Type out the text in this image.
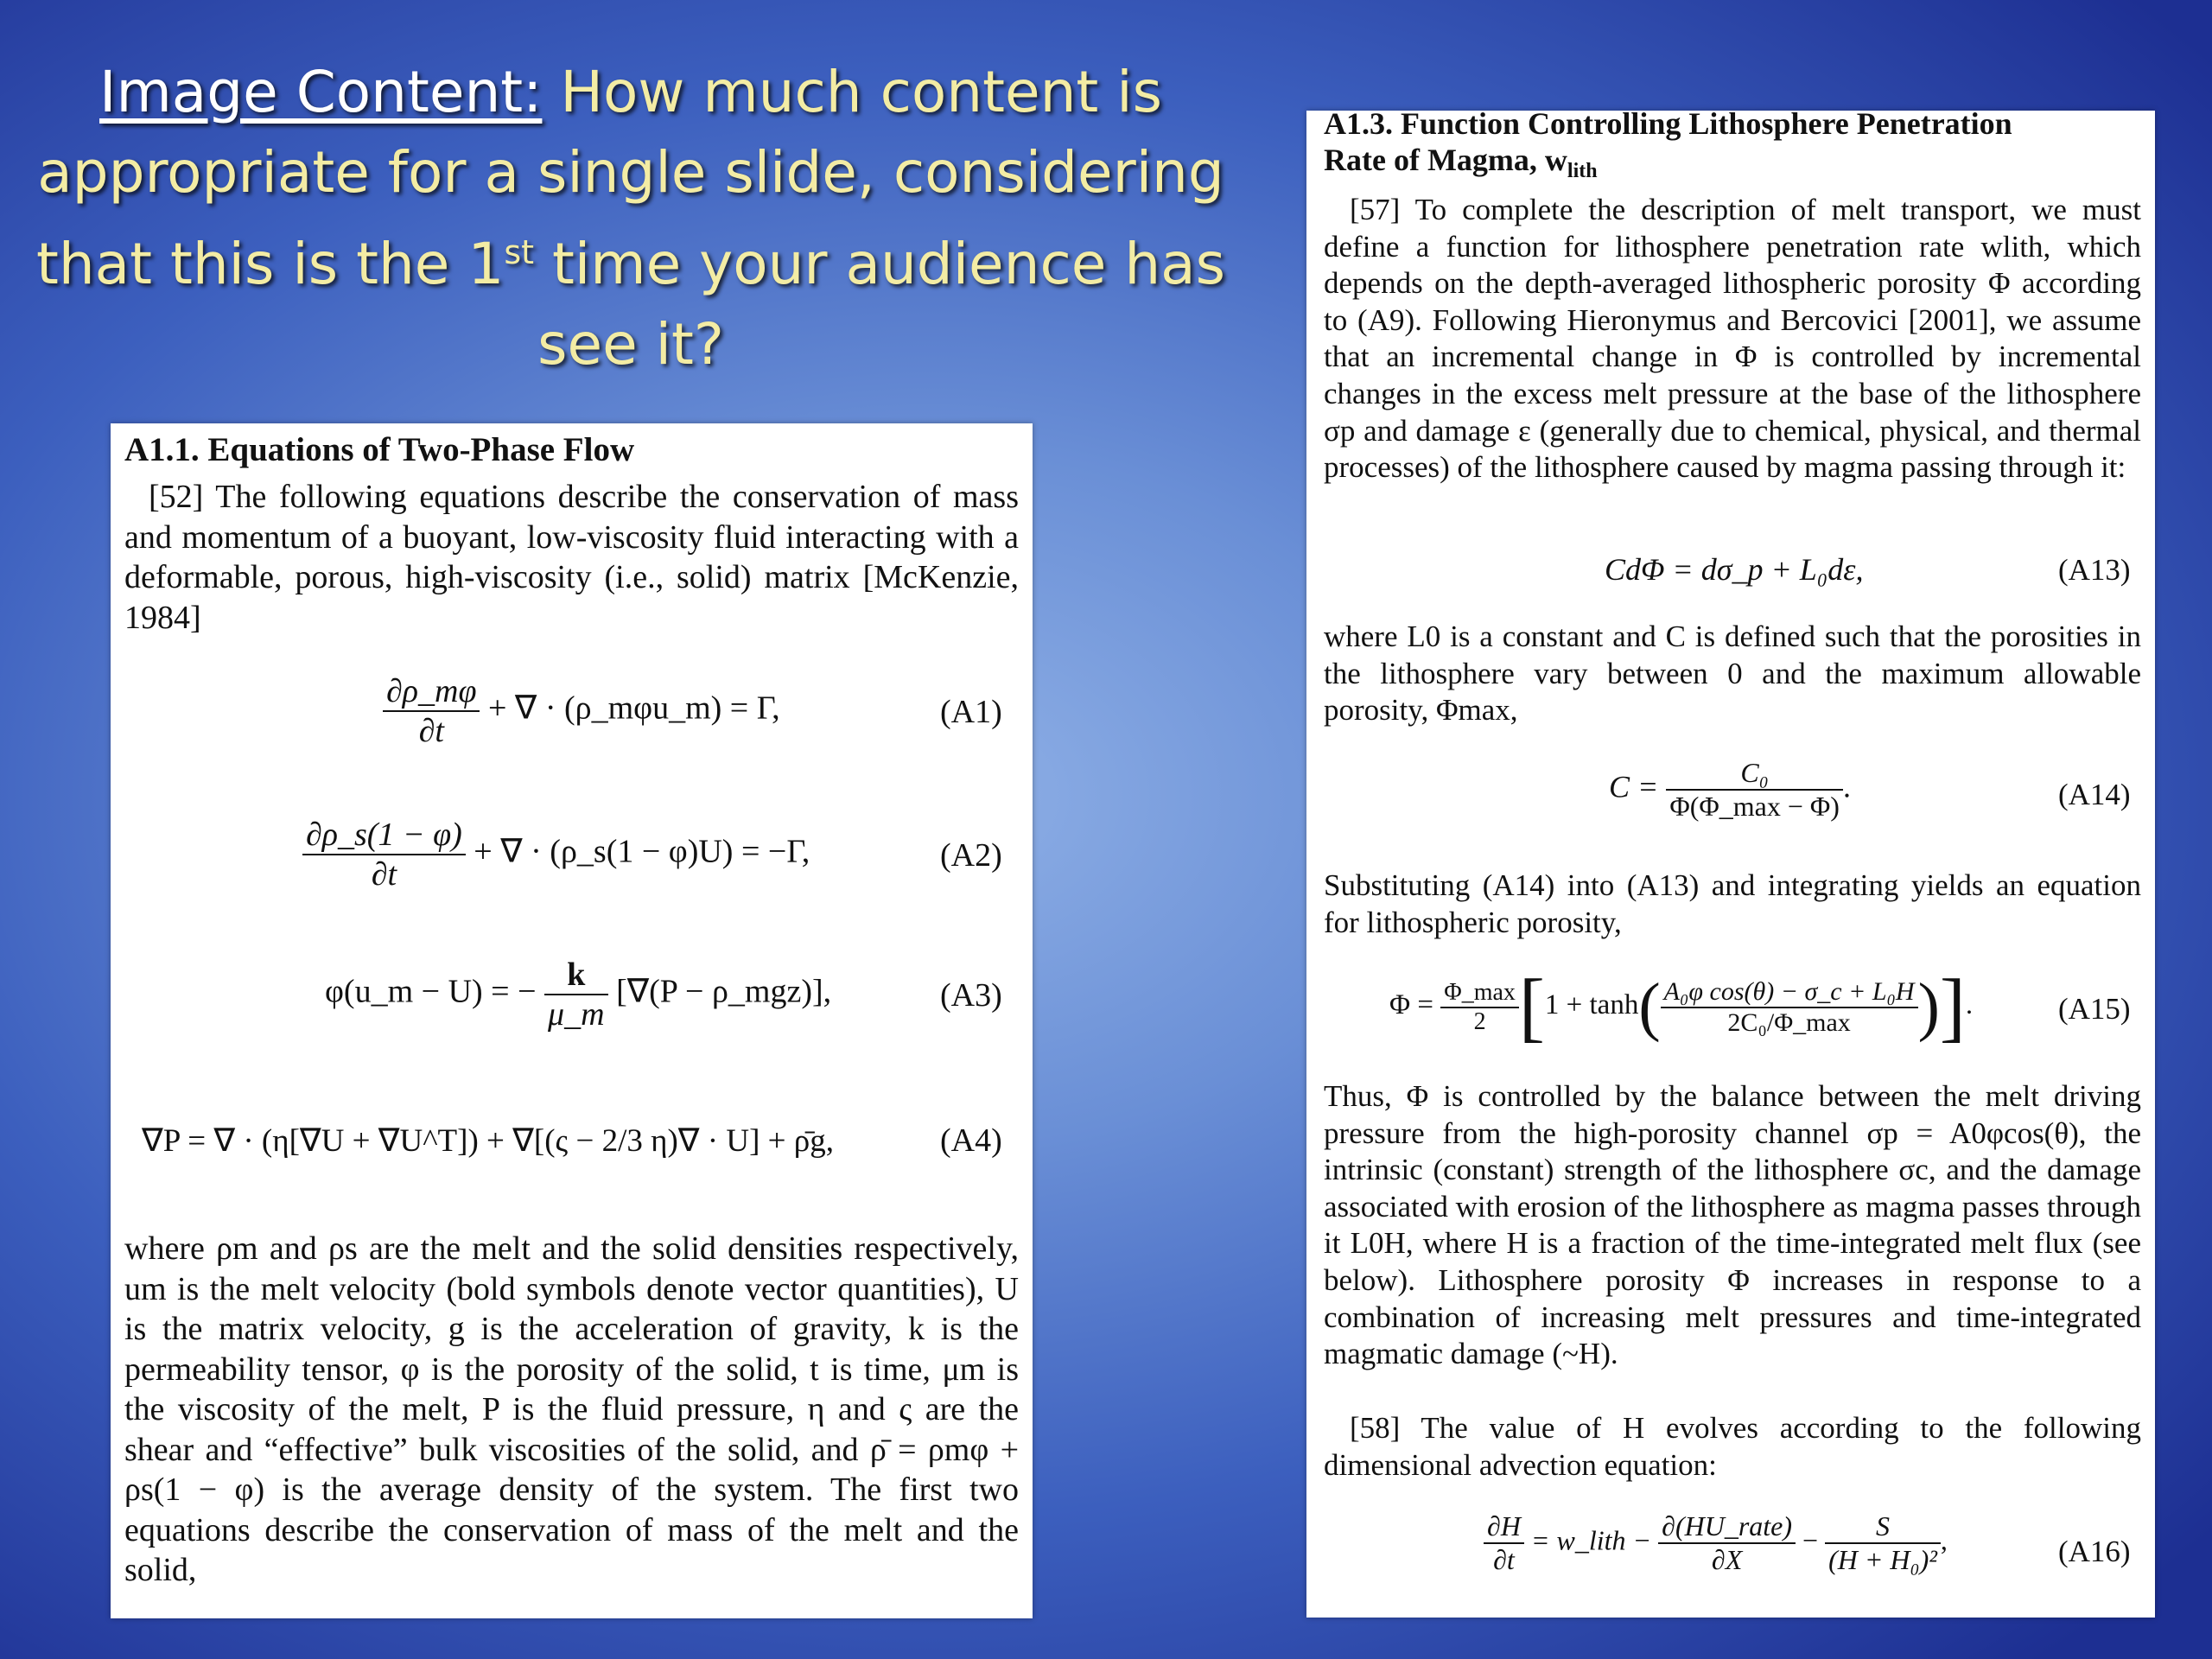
Image Content: How much content is appropriate for a single slide, considering that this is the 1st time your audience has see it?
A1.1. Equations of Two-Phase Flow

[52] The following equations describe the conservation of mass and momentum of a buoyant, low-viscosity fluid interacting with a deformable, porous, high-viscosity (i.e., solid) matrix [McKenzie, 1984]

$\frac{\partial\rho\_m\varphi}{\partial t}$ + ∇ · (ρ_mφu_m) = Γ,	(A1)
$\frac{\partial\rho\_s(1 - \varphi)}{\partial t}$ + ∇ · (ρ_s(1 − φ)U) = −Γ,	(A2)
φ(u_m − U) = − $\frac{k}{\mu\_m} [\nabla(P$ − ρ_mgz)],	(A3)
∇P = ∇ · (η[∇U + ∇U^T]) + ∇[(ς − 2/3 η)∇ · U] + ρ̄g,	(A4)

where ρm and ρs are the melt and the solid densities respectively, um is the melt velocity (bold symbols denote vector quantities), U is the matrix velocity, g is the acceleration of gravity, k is the permeability tensor, φ is the porosity of the solid, t is time, μm is the viscosity of the melt, P is the fluid pressure, η and ς are the shear and “effective” bulk viscosities of the solid, and ρ̄ = ρmφ + ρs(1 − φ) is the average density of the system. The first two equations describe the conservation of mass of the melt and the solid,

A1.3. Function Controlling Lithosphere Penetration
Rate of Magma, $w_{lith}$

[57] To complete the description of melt transport, we must define a function for lithosphere penetration rate wlith, which depends on the depth-averaged lithospheric porosity Φ according to (A9). Following Hieronymus and Bercovici [2001], we assume that an incremental change in Φ is controlled by incremental changes in the excess melt pressure at the base of the lithosphere σp and damage ε (generally due to chemical, physical, and thermal processes) of the lithosphere caused by magma passing through it:

CdΦ = dσ_p + L₀dε,	(A13)

where L0 is a constant and C is defined such that the porosities in the lithosphere vary between 0 and the maximum allowable porosity, Φmax,

$C = \frac{\text{C₀}}{\Phi(\Phi\_\max - \Phi)}$ .	(A14)

Substituting (A14) into (A13) and integrating yields an equation for lithospheric porosity,

$\Phi = \frac{\Phi\_\max}{2} [1 + \tanh( \frac{\text{A₀φ cos(θ) − σ\_c + L₀H}}{\text{2C₀/Φ\_max}}$ )].	(A15)

Thus, Φ is controlled by the balance between the melt driving pressure from the high-porosity channel σp = A0φcos(θ), the intrinsic (constant) strength of the lithosphere σc, and the damage associated with erosion of the lithosphere as magma passes through it L0H, where H is a fraction of the time-integrated melt flux (see below). Lithosphere porosity Φ increases in response to a combination of increasing melt pressures and time-integrated magmatic damage (~H).

[58] The value of H evolves according to the following dimensional advection equation:

$\frac{\partial H}{\partial t}$ = w_lith − $\frac{\text{∂(HU\_rate)}}{\partial X} - \frac{S}{\text{(H + H₀)²}}$ ,	(A16)
